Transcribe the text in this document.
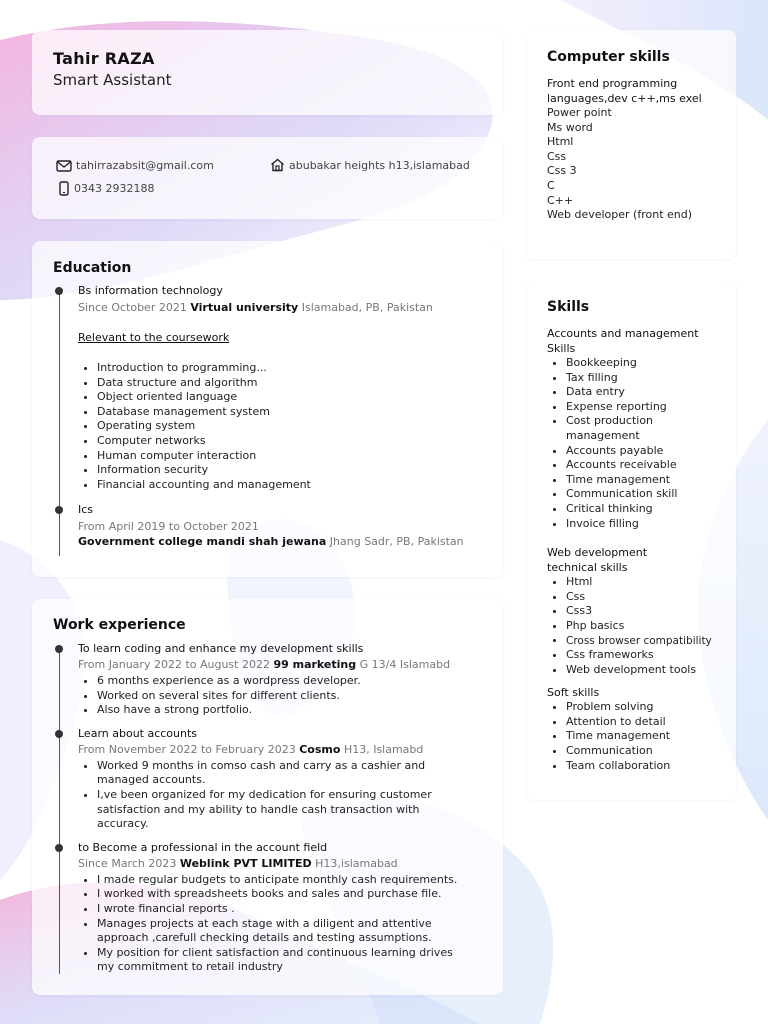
Tahir RAZA
Smart Assistant
tahirrazabsit@gmail.com	abubakar heights h13,islamabad
0343 2932188
Education
Bs information technology
Since October 2021 Virtual university Islamabad, PB, Pakistan
Relevant to the coursework
• Introduction to programming...
• Data structure and algorithm
• Object oriented language
• Database management system
• Operating system
• Computer networks
• Human computer interaction
• Information security
• Financial accounting and management
Ics
From April 2019 to October 2021
Government college mandi shah jewana Jhang Sadr, PB, Pakistan
Work experience
To learn coding and enhance my development skills
From January 2022 to August 2022 99 marketing G 13/4 Islamabd
• 6 months experience as a wordpress developer.
• Worked on several sites for different clients.
• Also have a strong portfolio.
Learn about accounts
From November 2022 to February 2023 Cosmo H13, Islamabd
• Worked 9 months in comso cash and carry as a cashier and managed accounts.
• I,ve been organized for my dedication for ensuring customer satisfaction and my ability to handle cash transaction with accuracy.
to Become a professional in the account field
Since March 2023 Weblink PVT LIMITED H13,islamabad
• I made regular budgets to anticipate monthly cash requirements.
• I worked with spreadsheets books and sales and purchase file.
• I wrote financial reports .
• Manages projects at each stage with a diligent and attentive approach ,carefull checking details and testing assumptions.
• My position for client satisfaction and continuous learning drives my commitment to retail industry
Computer skills
Front end programming
languages,dev c++,ms exel
Power point
Ms word
Html
Css
Css 3
C
C++
Web developer (front end)
Skills
Accounts and management
Skills
• Bookkeeping
• Tax filling
• Data entry
• Expense reporting
• Cost production management
• Accounts payable
• Accounts receivable
• Time management
• Communication skill
• Critical thinking
• Invoice filling
Web development
technical skills
• Html
• Css
• Css3
• Php basics
• Cross browser compatibility
• Css frameworks
• Web development tools
Soft skills
• Problem solving
• Attention to detail
• Time management
• Communication
• Team collaboration
